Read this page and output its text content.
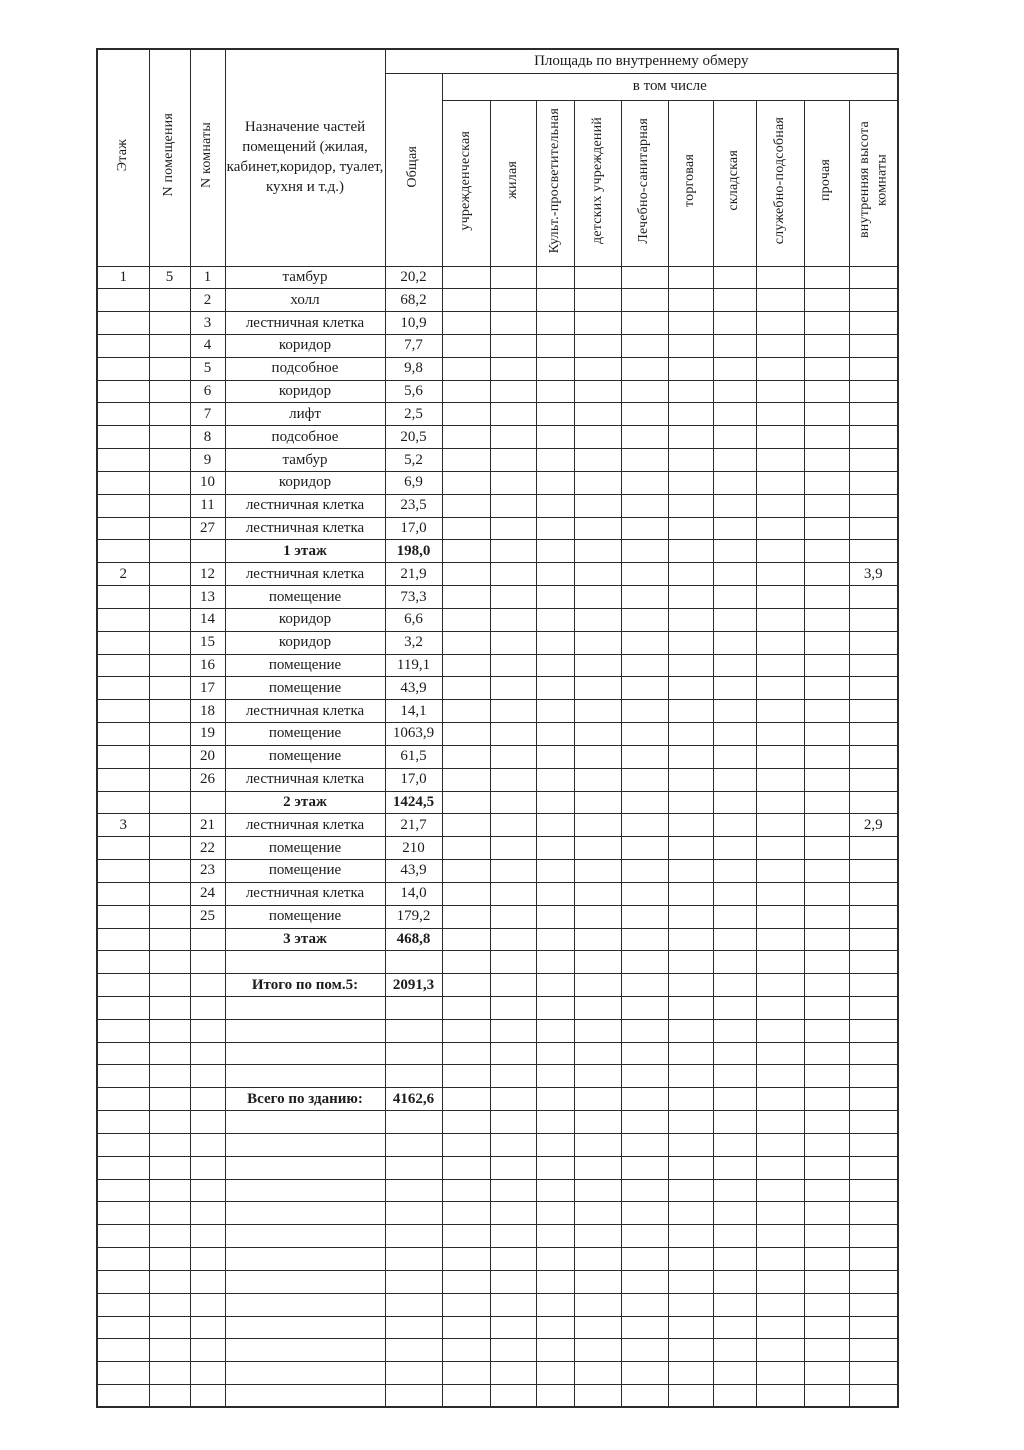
Этаж	N помещения	N комнаты	Назначение частей помещений (жилая, кабинет,коридор, туалет, кухня и т.д.)	Площадь по внутреннему обмеру										
				Общая	в том числе									
					учрежденческая	жилая	Культ.-просветительная	детских учреждений	Лечебно-санитарная	торговая	складская	служебно-подсобная	прочая	внутренняя высота комнаты
1	5	1	тамбур	20,2										
		2	холл	68,2										
		3	лестничная клетка	10,9										
		4	коридор	7,7										
		5	подсобное	9,8										
		6	коридор	5,6										
		7	лифт	2,5										
		8	подсобное	20,5										
		9	тамбур	5,2										
		10	коридор	6,9										
		11	лестничная клетка	23,5										
		27	лестничная клетка	17,0										
			1 этаж	198,0										
2		12	лестничная клетка	21,9										3,9
		13	помещение	73,3										
		14	коридор	6,6										
		15	коридор	3,2										
		16	помещение	119,1										
		17	помещение	43,9										
		18	лестничная клетка	14,1										
		19	помещение	1063,9										
		20	помещение	61,5										
		26	лестничная клетка	17,0										
			2 этаж	1424,5										
3		21	лестничная клетка	21,7										2,9
		22	помещение	210										
		23	помещение	43,9										
		24	лестничная клетка	14,0										
		25	помещение	179,2										
			3 этаж	468,8										

			Итого по пом.5:	2091,3										

			Всего по зданию:	4162,6										
